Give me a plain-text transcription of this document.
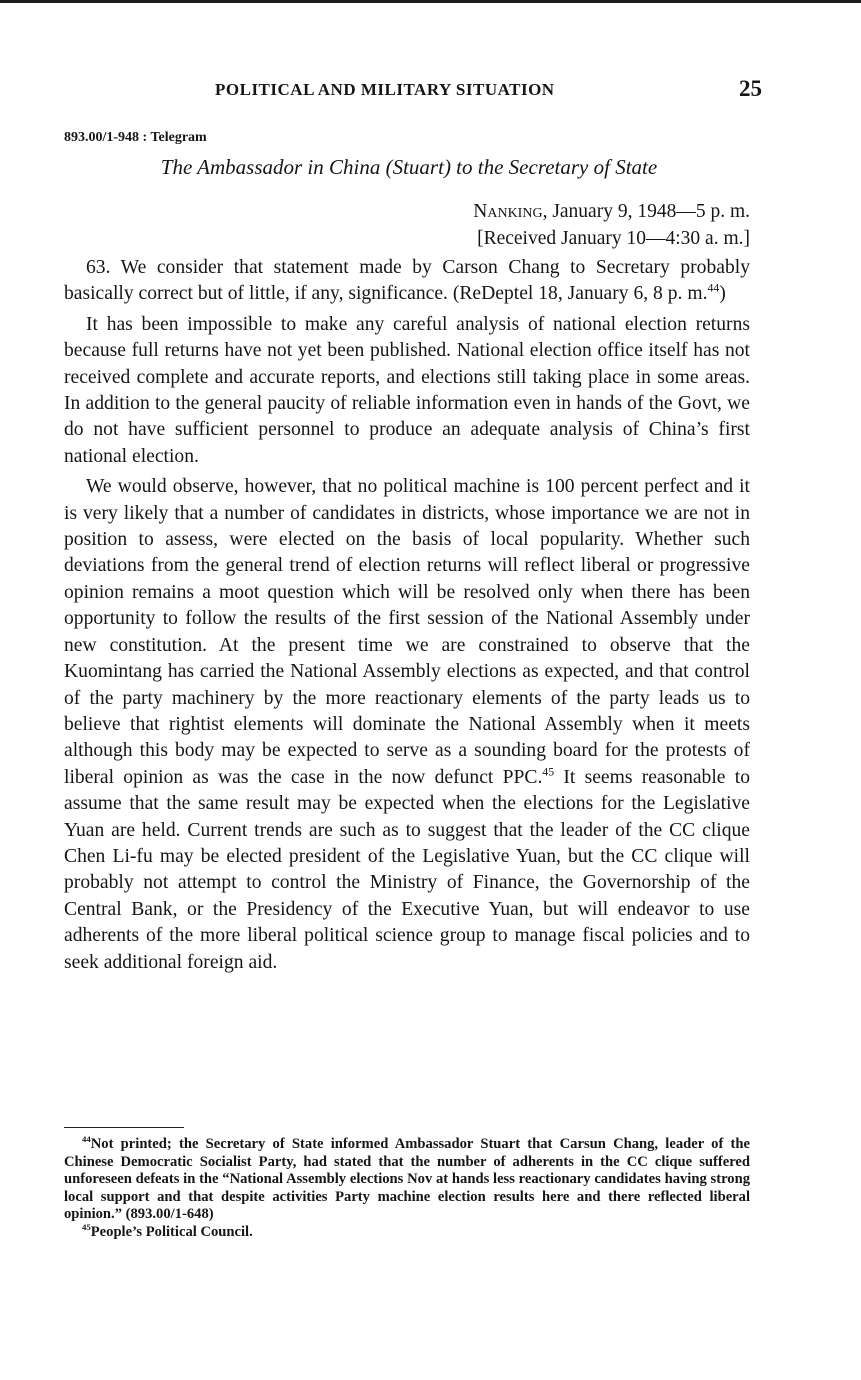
POLITICAL AND MILITARY SITUATION	25
893.00/1-948 : Telegram
The Ambassador in China (Stuart) to the Secretary of State
Nanking, January 9, 1948—5 p. m.
[Received January 10—4:30 a. m.]

63. We consider that statement made by Carson Chang to Secretary probably basically correct but of little, if any, significance. (ReDeptel 18, January 6, 8 p. m.$^{44}$)

It has been impossible to make any careful analysis of national election returns because full returns have not yet been published. National election office itself has not received complete and accurate reports, and elections still taking place in some areas. In addition to the general paucity of reliable information even in hands of the Govt, we do not have sufficient personnel to produce an adequate analysis of China’s first national election.

We would observe, however, that no political machine is 100 percent perfect and it is very likely that a number of candidates in districts, whose importance we are not in position to assess, were elected on the basis of local popularity. Whether such deviations from the general trend of election returns will reflect liberal or progressive opinion remains a moot question which will be resolved only when there has been opportunity to follow the results of the first session of the National Assembly under new constitution. At the present time we are constrained to observe that the Kuomintang has carried the National Assembly elections as expected, and that control of the party machinery by the more reactionary elements of the party leads us to believe that rightist elements will dominate the National Assembly when it meets although this body may be expected to serve as a sounding board for the protests of liberal opinion as was the case in the now defunct PPC.$^{45}$ It seems reasonable to assume that the same result may be expected when the elections for the Legislative Yuan are held. Current trends are such as to suggest that the leader of the CC clique Chen Li-fu may be elected president of the Legislative Yuan, but the CC clique will probably not attempt to control the Ministry of Finance, the Governorship of the Central Bank, or the Presidency of the Executive Yuan, but will endeavor to use adherents of the more liberal political science group to manage fiscal policies and to seek additional foreign aid.

$^{44}$Not printed; the Secretary of State informed Ambassador Stuart that Carsun Chang, leader of the Chinese Democratic Socialist Party, had stated that the number of adherents in the CC clique suffered unforeseen defeats in the “National Assembly elections Nov at hands less reactionary candidates having strong local support and that despite activities Party machine election results here and there reflected liberal opinion.” (893.00/1-648)

$^{45}$People’s Political Council.
